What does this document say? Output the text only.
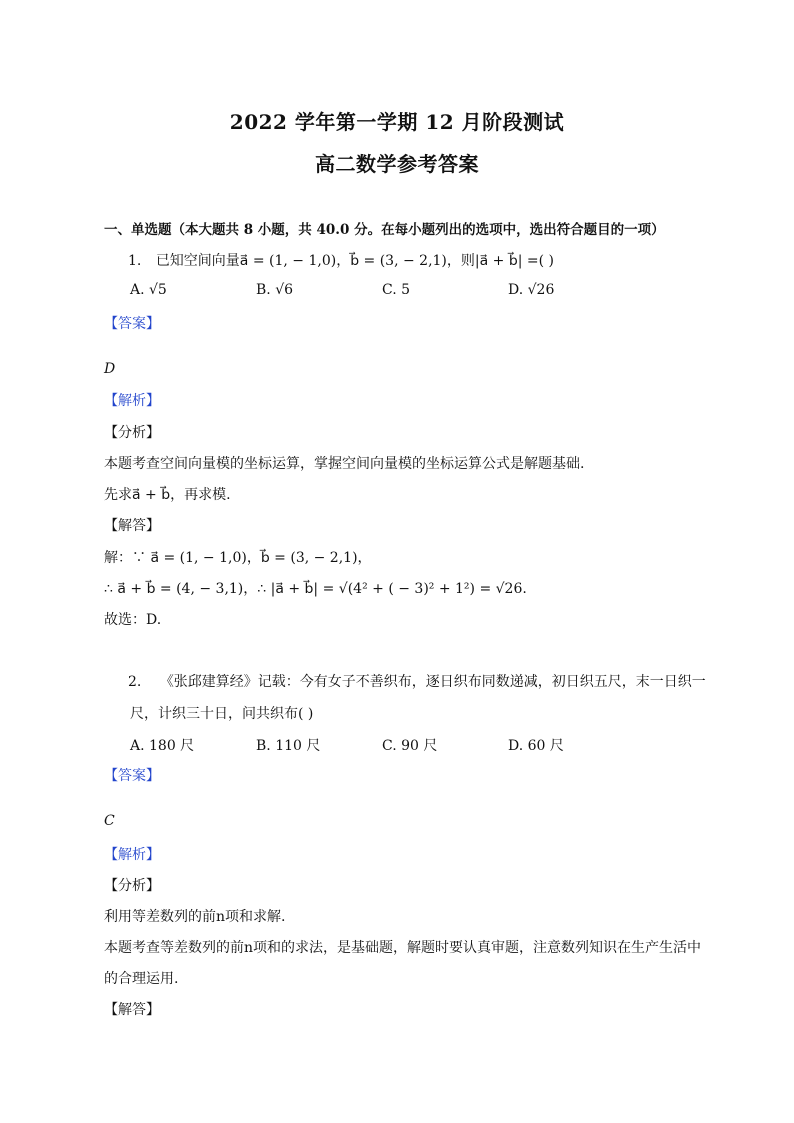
2022 学年第一学期 12 月阶段测试
高二数学参考答案
一、单选题（本大题共 8 小题，共 40.0 分。在每小题列出的选项中，选出符合题目的一项）
1. 已知空间向量a⃗ = (1, − 1,0)，b⃗ = (3, − 2,1)，则|a⃗ + b⃗| =( )
A. √5	B. √6	C. 5	D. √26
【答案】
D
【解析】
【分析】
本题考查空间向量模的坐标运算，掌握空间向量模的坐标运算公式是解题基础.
先求a⃗ + b⃗，再求模.
【解答】
解：∵ a⃗ = (1, − 1,0)，b⃗ = (3, − 2,1)，
∴ a⃗ + b⃗ = (4, − 3,1)，∴ |a⃗ + b⃗| = √(4² + ( − 3)² + 1²) = √26.
故选：D.
2. 《张邱建算经》记载：今有女子不善织布，逐日织布同数递减，初日织五尺，末一日织一
尺，计织三十日，问共织布( )
A. 180 尺	B. 110 尺	C. 90 尺	D. 60 尺
【答案】
C
【解析】
【分析】
利用等差数列的前n项和求解.
本题考查等差数列的前n项和的求法，是基础题，解题时要认真审题，注意数列知识在生产生活中
的合理运用.
【解答】
